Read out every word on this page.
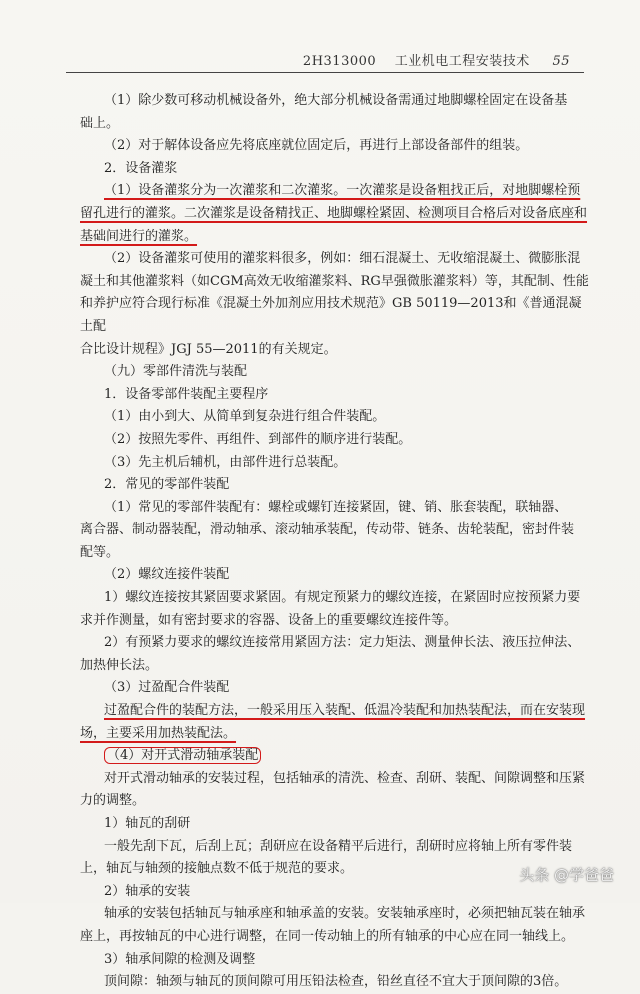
2H313000 工业机电工程安装技术 55

（1）除少数可移动机械设备外，绝大部分机械设备需通过地脚螺栓固定在设备基

础上。

（2）对于解体设备应先将底座就位固定后，再进行上部设备部件的组装。

2．设备灌浆

（1）设备灌浆分为一次灌浆和二次灌浆。一次灌浆是设备粗找正后，对地脚螺栓预

留孔进行的灌浆。二次灌浆是设备精找正、地脚螺栓紧固、检测项目合格后对设备底座和

基础间进行的灌浆。

（2）设备灌浆可使用的灌浆料很多，例如：细石混凝土、无收缩混凝土、微膨胀混

凝土和其他灌浆料（如CGM高效无收缩灌浆料、RG早强微胀灌浆料）等，其配制、性能

和养护应符合现行标准《混凝土外加剂应用技术规范》GB 50119—2013和《普通混凝土配

合比设计规程》JGJ 55—2011的有关规定。

（九）零部件清洗与装配

1．设备零部件装配主要程序

（1）由小到大、从简单到复杂进行组合件装配。

（2）按照先零件、再组件、到部件的顺序进行装配。

（3）先主机后辅机，由部件进行总装配。

2．常见的零部件装配

（1）常见的零部件装配有：螺栓或螺钉连接紧固，键、销、胀套装配，联轴器、

离合器、制动器装配，滑动轴承、滚动轴承装配，传动带、链条、齿轮装配，密封件装

配等。

（2）螺纹连接件装配

1）螺纹连接按其紧固要求紧固。有规定预紧力的螺纹连接，在紧固时应按预紧力要

求并作测量，如有密封要求的容器、设备上的重要螺纹连接件等。

2）有预紧力要求的螺纹连接常用紧固方法：定力矩法、测量伸长法、液压拉伸法、

加热伸长法。

（3）过盈配合件装配

过盈配合件的装配方法，一般采用压入装配、低温冷装配和加热装配法，而在安装现

场，主要采用加热装配法。

（4）对开式滑动轴承装配

对开式滑动轴承的安装过程，包括轴承的清洗、检查、刮研、装配、间隙调整和压紧

力的调整。

1）轴瓦的刮研

一般先刮下瓦，后刮上瓦；刮研应在设备精平后进行，刮研时应将轴上所有零件装

上，轴瓦与轴颈的接触点数不低于规范的要求。

2）轴承的安装

轴承的安装包括轴瓦与轴承座和轴承盖的安装。安装轴承座时，必须把轴瓦装在轴承

座上，再按轴瓦的中心进行调整，在同一传动轴上的所有轴承的中心应在同一轴线上。

3）轴承间隙的检测及调整

顶间隙：轴颈与轴瓦的顶间隙可用压铅法检查，铅丝直径不宜大于顶间隙的3倍。

头条 @学爸爸
